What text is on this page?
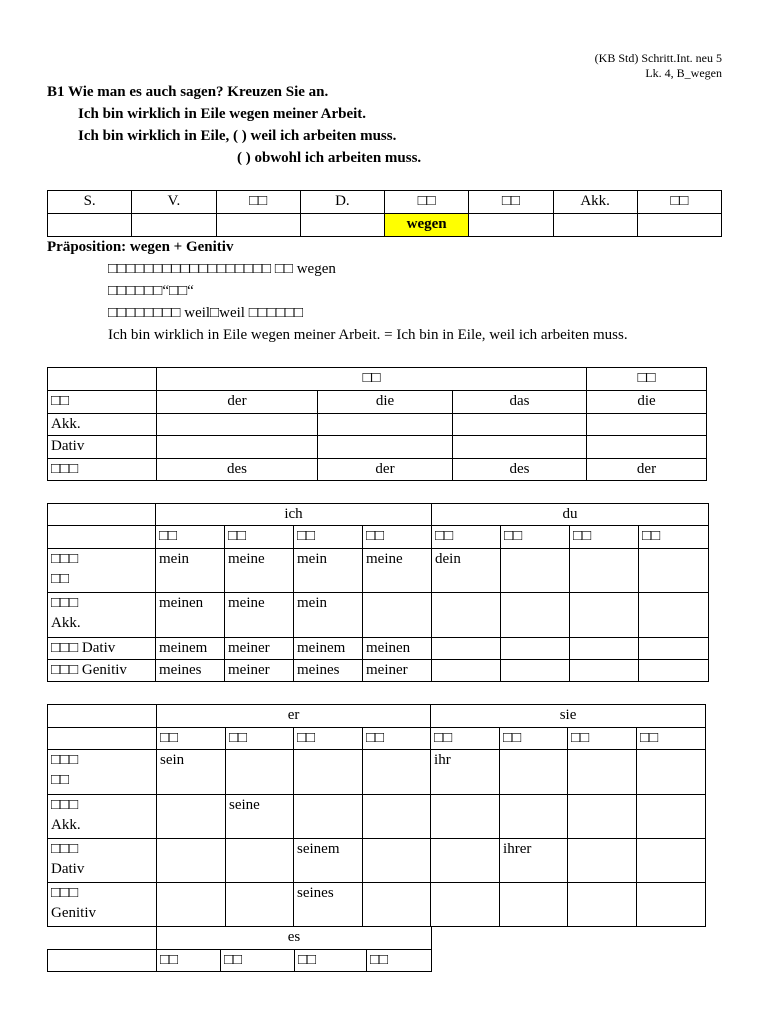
(KB Std) Schritt.Int. neu 5
Lk. 4, B_wegen
B1 Wie man es auch sagen? Kreuzen Sie an.
Ich bin wirklich in Eile wegen meiner Arbeit.
Ich bin wirklich in Eile, ( ) weil ich arbeiten muss.
( ) obwohl ich arbeiten muss.
S.	V.	□□	D.	□□	□□	Akk.	□□
				wegen			
Präposition: wegen + Genitiv
□□□□□□□□□□□□□□□□□□ □□ wegen
□□□□□□“□□“
□□□□□□□□ weil□weil □□□□□□
Ich bin wirklich in Eile wegen meiner Arbeit. = Ich bin in Eile, weil ich arbeiten muss.
	□□			□□
□□	der	die	das	die
Akk.				
Dativ				
□□□	des	der	des	der
	ich				du			
	□□	□□	□□	□□	□□	□□	□□	□□

□□□
□□	mein	meine	mein	meine	dein			

□□□
Akk.	meinen	meine	mein					
□□□ Dativ	meinem	meiner	meinem	meinen				
□□□ Genitiv	meines	meiner	meines	meiner				
	er				sie			
	□□	□□	□□	□□	□□	□□	□□	□□

□□□
□□	sein				ihr			

□□□
Akk.		seine						

□□□
Dativ			seinem			ihrer		

□□□
Genitiv			seines					
	es			
	□□	□□	□□	□□
